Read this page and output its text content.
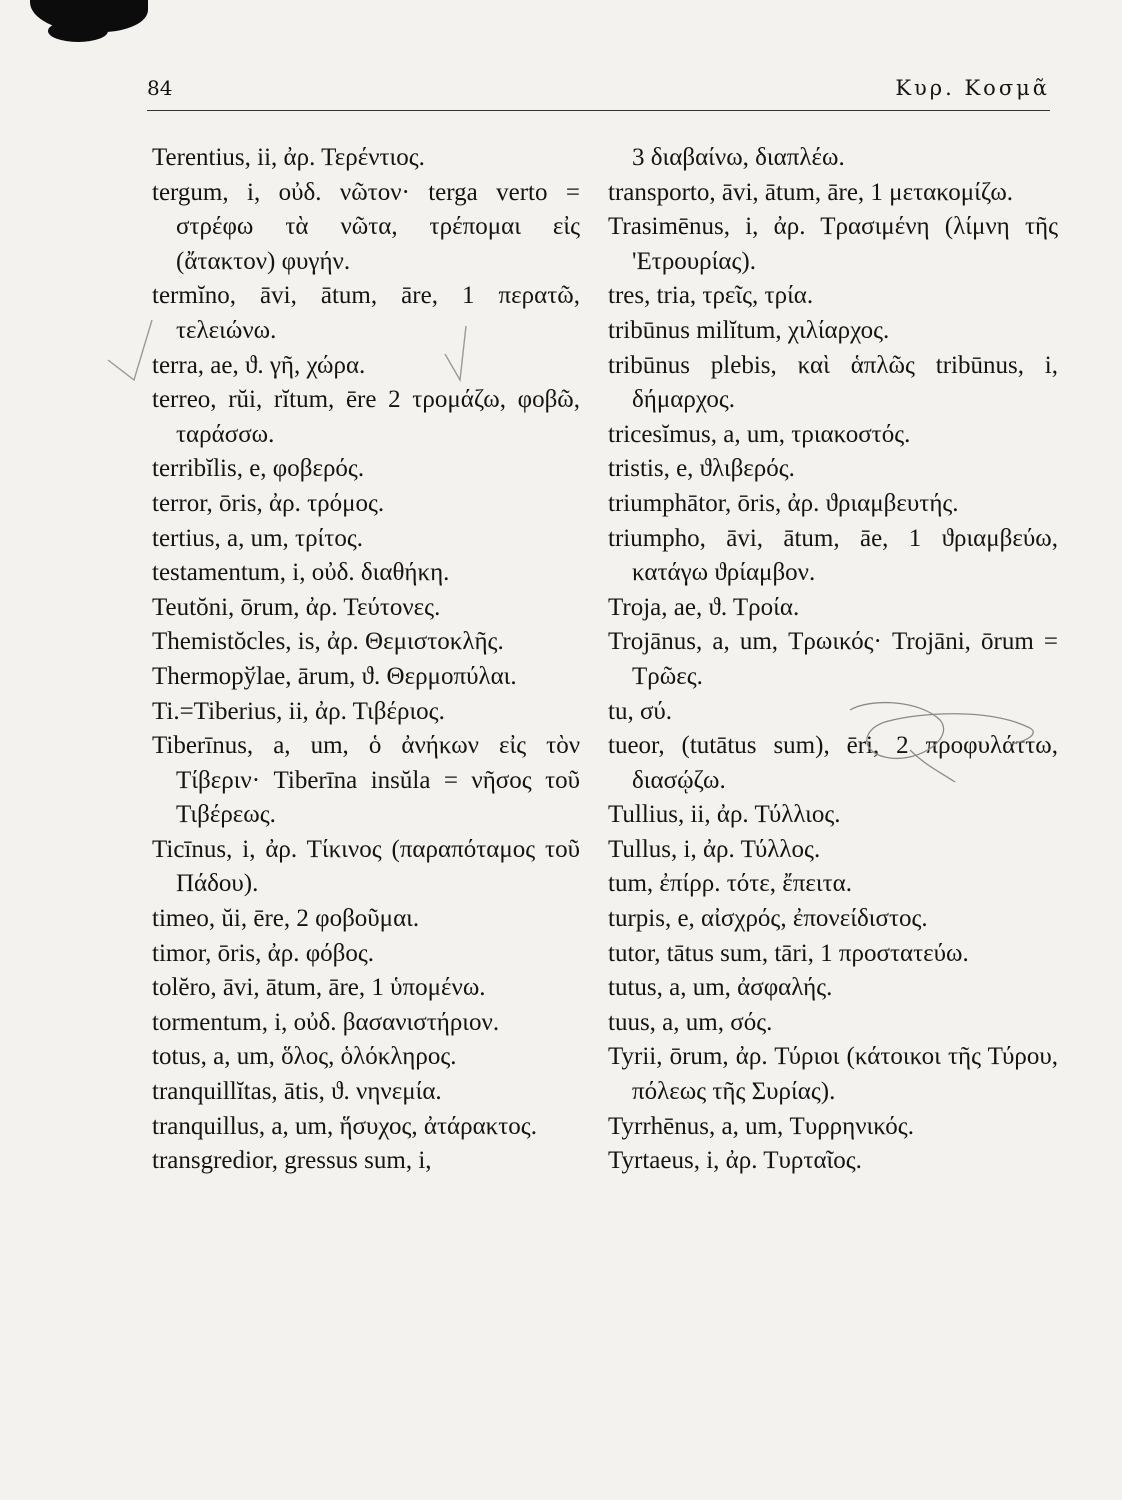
84	Κυρ. Κοσμᾶ
Terentius, ii, ἀρ. Τερέντιος.
tergum, i, οὐδ. νῶτον· terga verto = στρέφω τὰ νῶτα, τρέπομαι εἰς (ἄτακτον) φυγήν.
termĭno, āvi, ātum, āre, 1 περατῶ, τελειώνω.
terra, ae, ϑ. γῆ, χώρα.
terreo, rŭi, rĭtum, ēre 2 τρομάζω, φοβῶ, ταράσσω.
terribĭlis, e, φοβερός.
terror, ōris, ἀρ. τρόμος.
tertius, a, um, τρίτος.
testamentum, i, οὐδ. διαθήκη.
Teutŏni, ōrum, ἀρ. Τεύτονες.
Themistŏcles, is, ἀρ. Θεμιστοκλῆς.
Thermopўlae, ārum, ϑ. Θερμοπύλαι.
Ti.=Tiberius, ii, ἀρ. Τιβέριος.
Tiberīnus, a, um, ὁ ἀνήκων εἰς τὸν Τίβεριν· Tiberīna insŭla = νῆσος τοῦ Τιβέρεως.
Ticīnus, i, ἀρ. Τίκινος (παραπόταμος τοῦ Πάδου).
timeo, ŭi, ēre, 2 φοβοῦμαι.
timor, ōris, ἀρ. φόβος.
tolĕro, āvi, ātum, āre, 1 ὑπομένω.
tormentum, i, οὐδ. βασανιστήριον.
totus, a, um, ὅλος, ὁλόκληρος.
tranquillĭtas, ātis, ϑ. νηνεμία.
tranquillus, a, um, ἥσυχος, ἀτάρακτος.
transgredior, gressus sum, i,
3 διαβαίνω, διαπλέω.
transporto, āvi, ātum, āre, 1 μετακομίζω.
Trasimēnus, i, ἀρ. Τρασιμένη (λίμνη τῆς 'Ετρουρίας).
tres, tria, τρεῖς, τρία.
tribūnus milĭtum, χιλίαρχος.
tribūnus plebis, καὶ ἁπλῶς tribūnus, i, δήμαρχος.
tricesĭmus, a, um, τριακοστός.
tristis, e, ϑλιβερός.
triumphātor, ōris, ἀρ. ϑριαμβευτής.
triumpho, āvi, ātum, āe, 1 ϑριαμβεύω, κατάγω ϑρίαμβον.
Troja, ae, ϑ. Τροία.
Trojānus, a, um, Τρωικός· Trojāni, ōrum = Τρῶες.
tu, σύ.
tueor, (tutātus sum), ēri, 2 προφυλάττω, διασῴζω.
Tullius, ii, ἀρ. Τύλλιος.
Tullus, i, ἀρ. Τύλλος.
tum, ἐπίρρ. τότε, ἔπειτα.
turpis, e, αἰσχρός, ἐπονείδιστος.
tutor, tātus sum, tāri, 1 προστατεύω.
tutus, a, um, ἀσφαλής.
tuus, a, um, σός.
Tyrii, ōrum, ἀρ. Τύριοι (κάτοικοι τῆς Τύρου, πόλεως τῆς Συρίας).
Tyrrhēnus, a, um, Τυρρηνικός.
Tyrtaeus, i, ἀρ. Τυρταῖος.
